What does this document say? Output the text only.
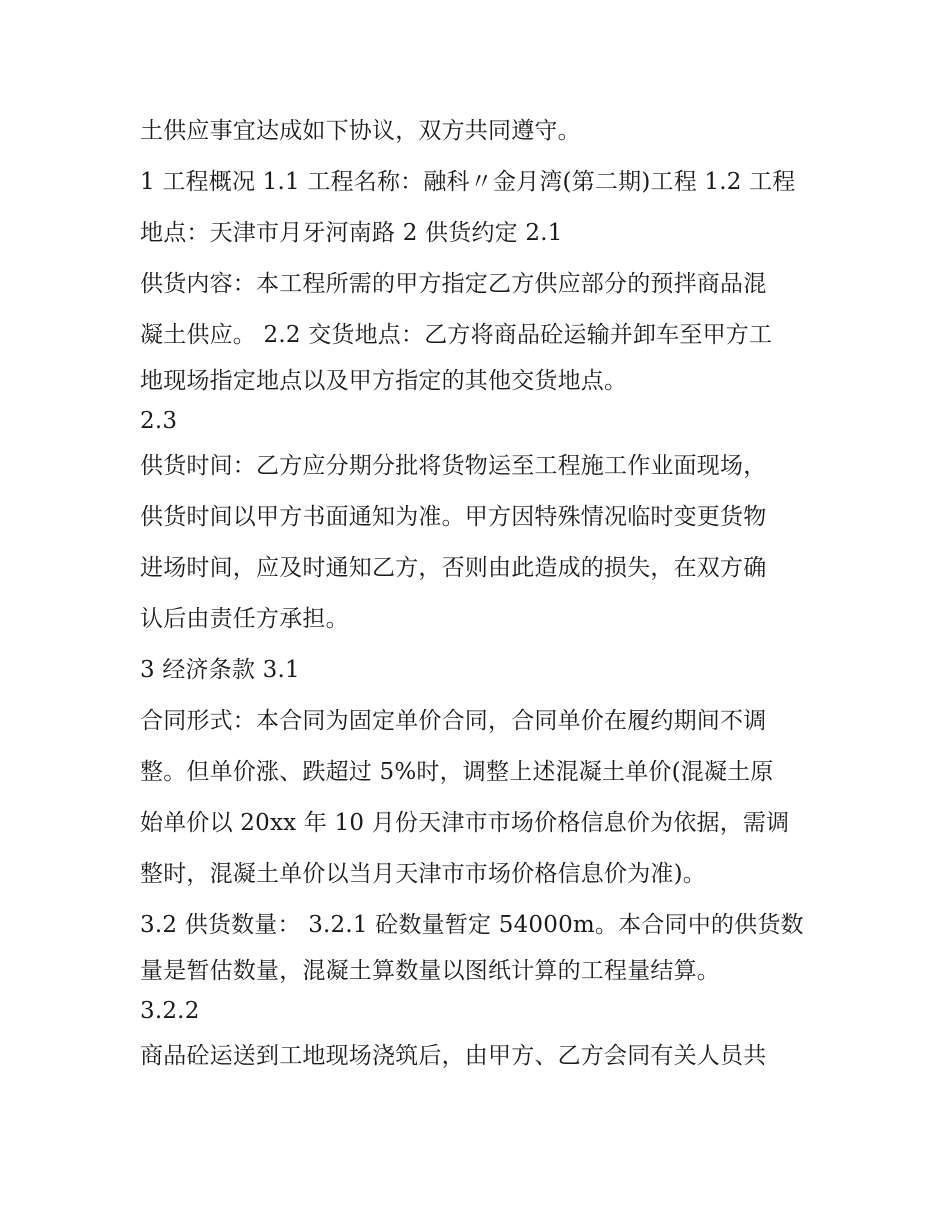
土供应事宜达成如下协议，双方共同遵守。
1 工程概况 1.1 工程名称：融科〃金月湾(第二期)工程 1.2 工程
地点：天津市月牙河南路 2 供货约定 2.1
供货内容：本工程所需的甲方指定乙方供应部分的预拌商品混
凝土供应。 2.2 交货地点：乙方将商品砼运输并卸车至甲方工
地现场指定地点以及甲方指定的其他交货地点。
2.3
供货时间：乙方应分期分批将货物运至工程施工作业面现场，
供货时间以甲方书面通知为准。甲方因特殊情况临时变更货物
进场时间，应及时通知乙方，否则由此造成的损失，在双方确
认后由责任方承担。
3 经济条款 3.1
合同形式：本合同为固定单价合同，合同单价在履约期间不调
整。但单价涨、跌超过 5%时，调整上述混凝土单价(混凝土原
始单价以 20xx 年 10 月份天津市市场价格信息价为依据，需调
整时，混凝土单价以当月天津市市场价格信息价为准)。
3.2 供货数量： 3.2.1 砼数量暂定 54000m。本合同中的供货数
量是暂估数量，混凝土算数量以图纸计算的工程量结算。
3.2.2
商品砼运送到工地现场浇筑后，由甲方、乙方会同有关人员共
